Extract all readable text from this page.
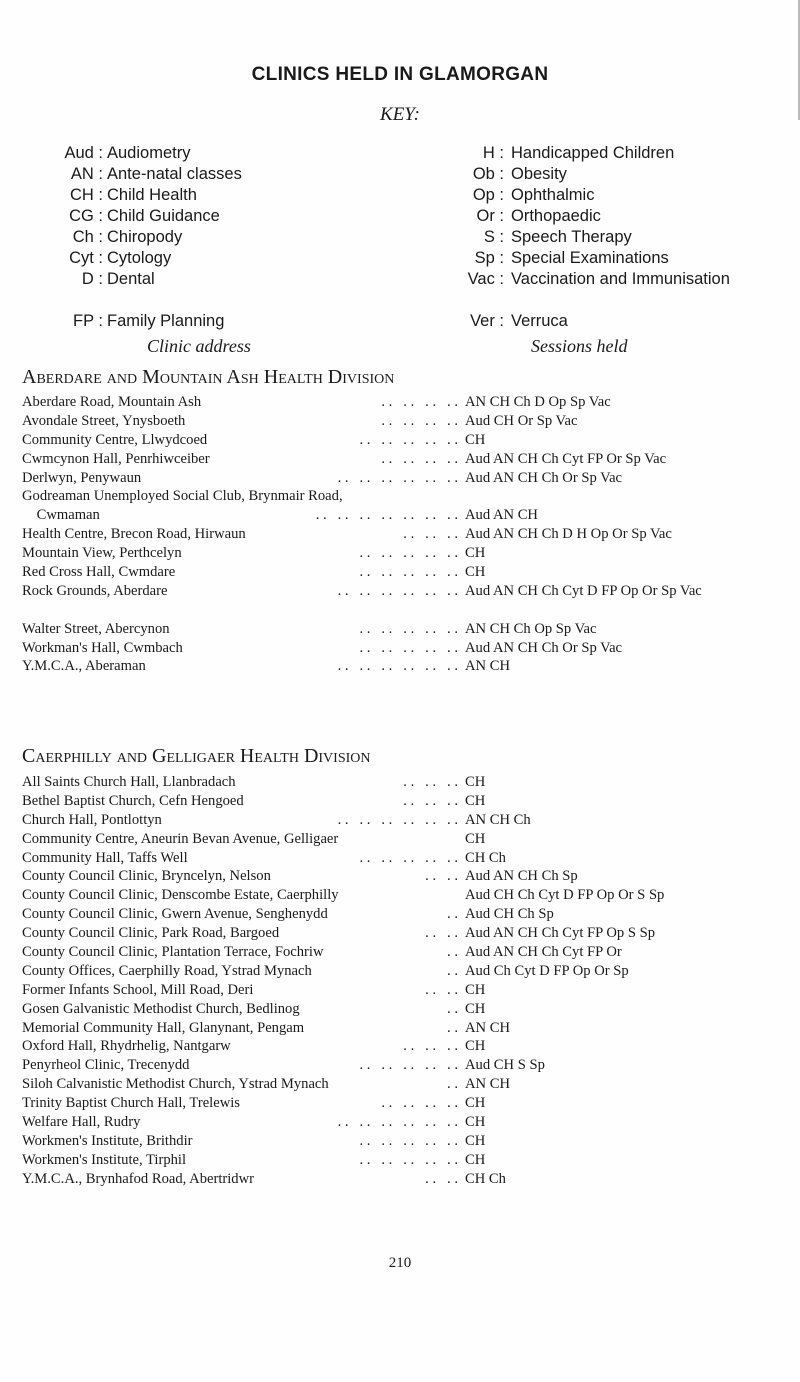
CLINICS HELD IN GLAMORGAN
KEY:
Aud : Audiometry	H : Handicapped Children
AN : Ante-natal classes	Ob : Obesity
CH : Child Health	Op : Ophthalmic
CG : Child Guidance	Or : Orthopaedic
Ch : Chiropody	S : Speech Therapy
Cyt : Cytology	Sp : Special Examinations
D : Dental	Vac : Vaccination and Immunisation
FP : Family Planning	Ver : Verruca
Clinic address	Sessions held
Aberdare and Mountain Ash Health Division
Aberdare Road, Mountain Ash	. .   . .   . .   . . AN CH Ch D Op Sp Vac
Avondale Street, Ynysboeth	. .   . .   . .   . . Aud CH Or Sp Vac
Community Centre, Llwydcoed	. .   . .   . .   . .   . . CH
Cwmcynon Hall, Penrhiwceiber	. .   . .   . .   . . Aud AN CH Ch Cyt FP Or Sp Vac
Derlwyn, Penywaun	. .   . .   . .   . .   . .   . . Aud AN CH Ch Or Sp Vac
Godreaman Unemployed Social Club, Brynmair Road,
Cwmaman	. .   . .   . .   . .   . .   . .   . . Aud AN CH
Health Centre, Brecon Road, Hirwaun	. .   . .   . . Aud AN CH Ch D H Op Or Sp Vac
Mountain View, Perthcelyn	. .   . .   . .   . .   . . CH
Red Cross Hall, Cwmdare	. .   . .   . .   . .   . . CH
Rock Grounds, Aberdare	. .   . .   . .   . .   . .   . . Aud AN CH Ch Cyt D FP Op Or Sp Vac
Walter Street, Abercynon	. .   . .   . .   . .   . . AN CH Ch Op Sp Vac
Workman's Hall, Cwmbach	. .   . .   . .   . .   . . Aud AN CH Ch Or Sp Vac
Y.M.C.A., Aberaman	. .   . .   . .   . .   . .   . . AN CH
Caerphilly and Gelligaer Health Division
All Saints Church Hall, Llanbradach	. .   . .   . . CH
Bethel Baptist Church, Cefn Hengoed	. .   . .   . . CH
Church Hall, Pontlottyn	. .   . .   . .   . .   . .   . . AN CH Ch
Community Centre, Aneurin Bevan Avenue, Gelligaer	CH
Community Hall, Taffs Well	. .   . .   . .   . .   . . CH Ch
County Council Clinic, Bryncelyn, Nelson	. .   . . Aud AN CH Ch Sp
County Council Clinic, Denscombe Estate, Caerphilly	Aud CH Ch Cyt D FP Op Or S Sp
County Council Clinic, Gwern Avenue, Senghenydd	. . Aud CH Ch Sp
County Council Clinic, Park Road, Bargoed	. .   . . Aud AN CH Ch Cyt FP Op S Sp
County Council Clinic, Plantation Terrace, Fochriw	. . Aud AN CH Ch Cyt FP Or
County Offices, Caerphilly Road, Ystrad Mynach	. . Aud Ch Cyt D FP Op Or Sp
Former Infants School, Mill Road, Deri	. .   . . CH
Gosen Galvanistic Methodist Church, Bedlinog	. . CH
Memorial Community Hall, Glanynant, Pengam	. . AN CH
Oxford Hall, Rhydrhelig, Nantgarw	. .   . .   . . CH
Penyrheol Clinic, Trecenydd	. .   . .   . .   . .   . . Aud CH S Sp
Siloh Calvanistic Methodist Church, Ystrad Mynach	. . AN CH
Trinity Baptist Church Hall, Trelewis	. .   . .   . .   . . CH
Welfare Hall, Rudry	. .   . .   . .   . .   . .   . . CH
Workmen's Institute, Brithdir	. .   . .   . .   . .   . . CH
Workmen's Institute, Tirphil	. .   . .   . .   . .   . . CH
Y.M.C.A., Brynhafod Road, Abertridwr	. .   . . CH Ch
210
